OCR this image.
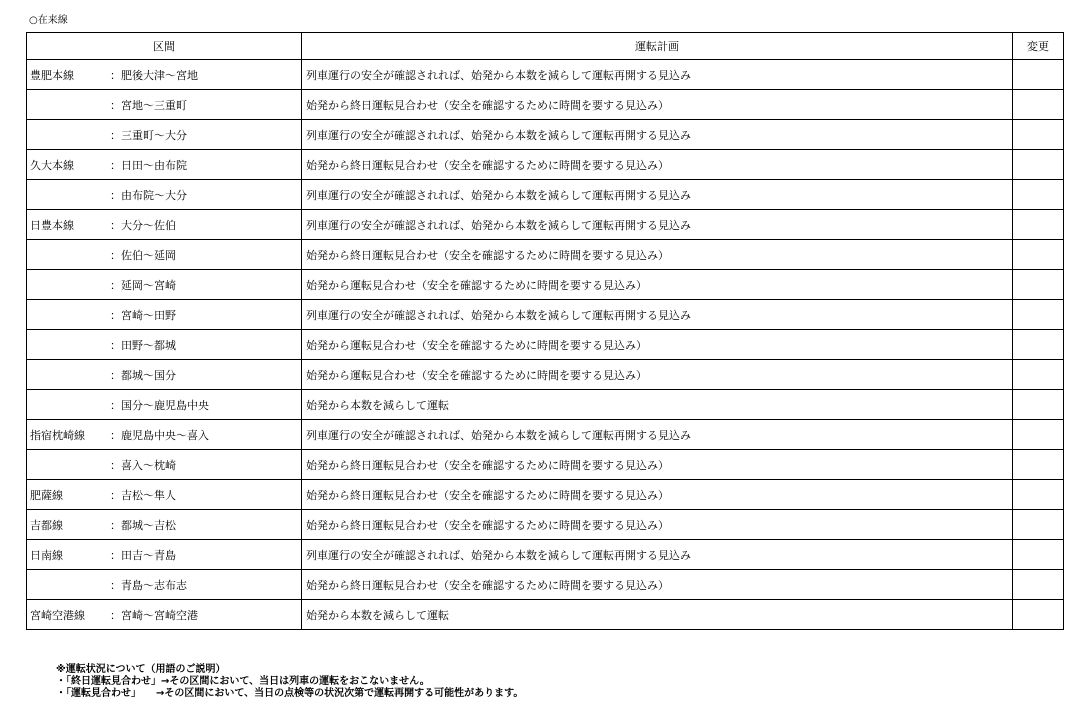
○在来線
区間	運転計画	変更

豊肥本線 ：肥後大津～宮地	列車運行の安全が確認されれば、始発から本数を減らして運転再開する見込み	

：宮地～三重町	始発から終日運転見合わせ（安全を確認するために時間を要する見込み）	

：三重町～大分	列車運行の安全が確認されれば、始発から本数を減らして運転再開する見込み	

久大本線 ：日田～由布院	始発から終日運転見合わせ（安全を確認するために時間を要する見込み）	

：由布院～大分	列車運行の安全が確認されれば、始発から本数を減らして運転再開する見込み	

日豊本線 ：大分～佐伯	列車運行の安全が確認されれば、始発から本数を減らして運転再開する見込み	

：佐伯～延岡	始発から終日運転見合わせ（安全を確認するために時間を要する見込み）	

：延岡～宮崎	始発から運転見合わせ（安全を確認するために時間を要する見込み）	

：宮崎～田野	列車運行の安全が確認されれば、始発から本数を減らして運転再開する見込み	

：田野～都城	始発から運転見合わせ（安全を確認するために時間を要する見込み）	

：都城～国分	始発から運転見合わせ（安全を確認するために時間を要する見込み）	

：国分～鹿児島中央	始発から本数を減らして運転	

指宿枕崎線 ：鹿児島中央～喜入	列車運行の安全が確認されれば、始発から本数を減らして運転再開する見込み	

：喜入～枕崎	始発から終日運転見合わせ（安全を確認するために時間を要する見込み）	

肥薩線 ：吉松～隼人	始発から終日運転見合わせ（安全を確認するために時間を要する見込み）	

吉都線 ：都城～吉松	始発から終日運転見合わせ（安全を確認するために時間を要する見込み）	

日南線 ：田吉～青島	列車運行の安全が確認されれば、始発から本数を減らして運転再開する見込み	

：青島～志布志	始発から終日運転見合わせ（安全を確認するために時間を要する見込み）	

宮崎空港線 ：宮崎～宮崎空港	始発から本数を減らして運転	
※運転状況について（用語のご説明）
・「終日運転見合わせ」→その区間において、当日は列車の運転をおこないません。
・「運転見合わせ」　　→その区間において、当日の点検等の状況次第で運転再開する可能性があります。
